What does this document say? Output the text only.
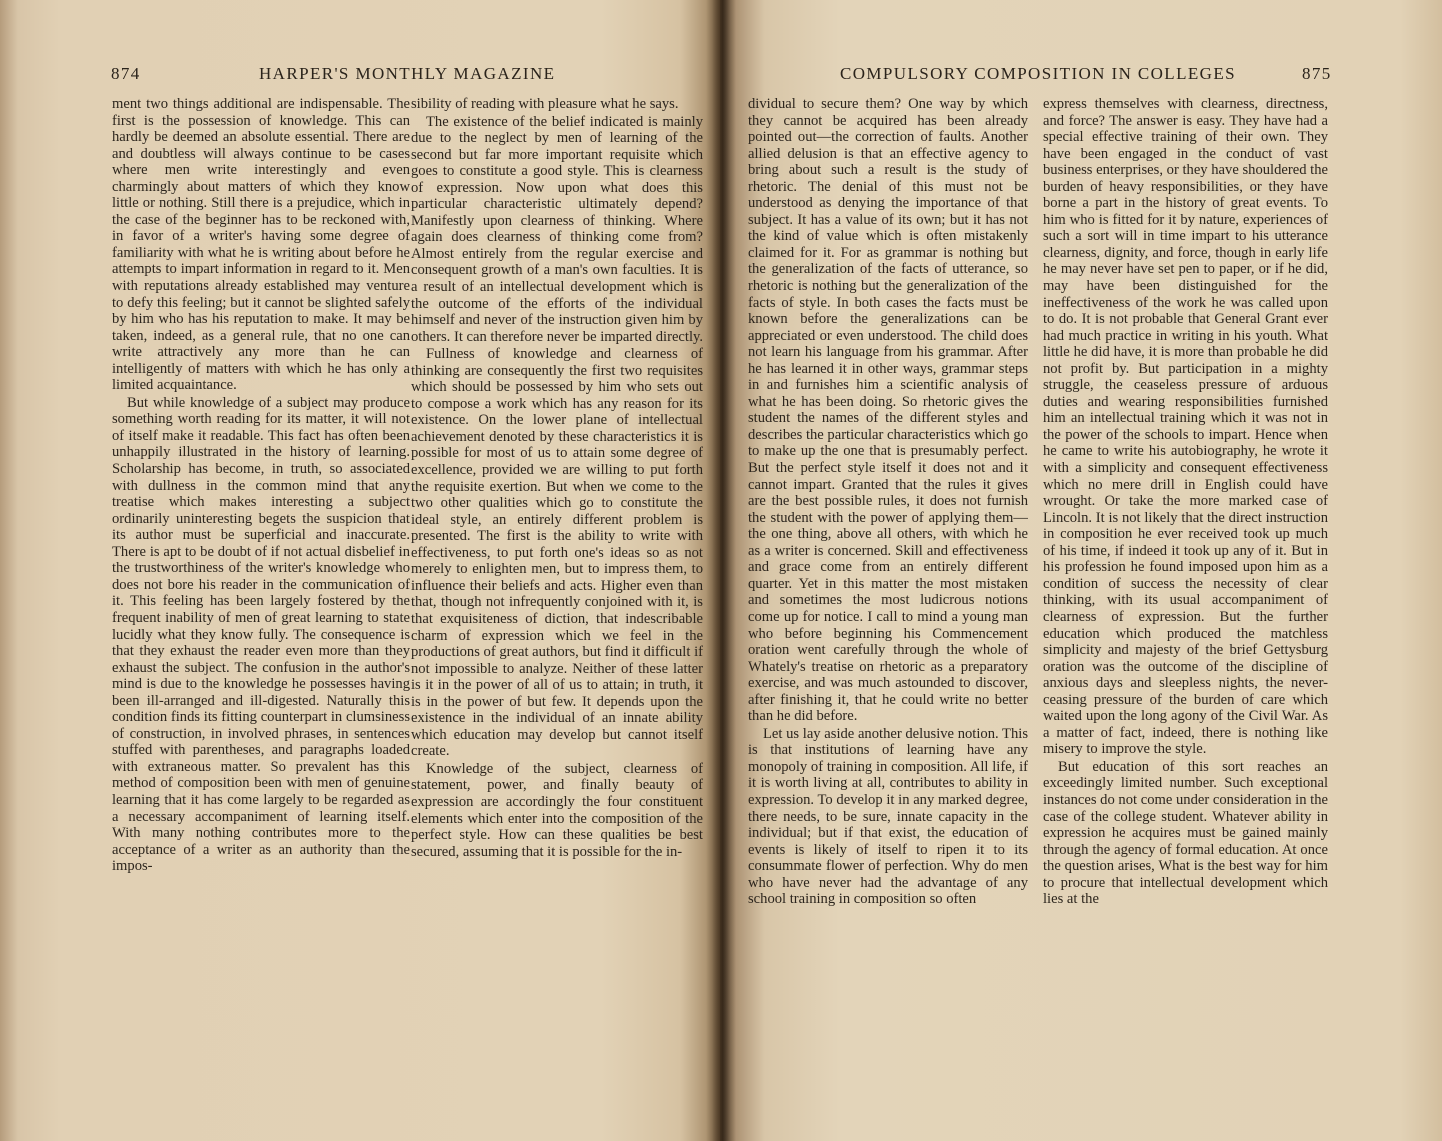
874	HARPER'S MONTHLY MAGAZINE

ment two things additional are indispensable. The first is the possession of knowledge. This can hardly be deemed an absolute essential. There are and doubtless will always continue to be cases where men write interestingly and even charmingly about matters of which they know little or nothing. Still there is a prejudice, which in the case of the beginner has to be reckoned with, in favor of a writer's having some degree of familiarity with what he is writing about before he attempts to impart information in regard to it. Men with reputations already established may venture to defy this feeling; but it cannot be slighted safely by him who has his reputation to make. It may be taken, indeed, as a general rule, that no one can write attractively any more than he can intelligently of matters with which he has only a limited acquaintance.

But while knowledge of a subject may produce something worth reading for its matter, it will not of itself make it readable. This fact has often been unhappily illustrated in the history of learning. Scholarship has become, in truth, so associated with dullness in the common mind that any treatise which makes interesting a subject ordinarily uninteresting begets the suspicion that its author must be superficial and inaccurate. There is apt to be doubt of if not actual disbelief in the trustworthiness of the writer's knowledge who does not bore his reader in the communication of it. This feeling has been largely fostered by the frequent inability of men of great learning to state lucidly what they know fully. The consequence is that they exhaust the reader even more than they exhaust the subject. The confusion in the author's mind is due to the knowledge he possesses having been ill-arranged and ill-digested. Naturally this condition finds its fitting counterpart in clumsiness of construction, in involved phrases, in sentences stuffed with parentheses, and paragraphs loaded with extraneous matter. So prevalent has this method of composition been with men of genuine learning that it has come largely to be regarded as a necessary accompaniment of learning itself. With many nothing contributes more to the acceptance of a writer as an authority than the impos-

sibility of reading with pleasure what he says.

The existence of the belief indicated is mainly due to the neglect by men of learning of the second but far more important requisite which goes to constitute a good style. This is clearness of expression. Now upon what does this particular characteristic ultimately depend? Manifestly upon clearness of thinking. Where again does clearness of thinking come from? Almost entirely from the regular exercise and consequent growth of a man's own faculties. It is a result of an intellectual development which is the outcome of the efforts of the individual himself and never of the instruction given him by others. It can therefore never be imparted directly.

Fullness of knowledge and clearness of thinking are consequently the first two requisites which should be possessed by him who sets out to compose a work which has any reason for its existence. On the lower plane of intellectual achievement denoted by these characteristics it is possible for most of us to attain some degree of excellence, provided we are willing to put forth the requisite exertion. But when we come to the two other qualities which go to constitute the ideal style, an entirely different problem is presented. The first is the ability to write with effectiveness, to put forth one's ideas so as not merely to enlighten men, but to impress them, to influence their beliefs and acts. Higher even than that, though not infrequently conjoined with it, is that exquisiteness of diction, that indescribable charm of expression which we feel in the productions of great authors, but find it difficult if not impossible to analyze. Neither of these latter is it in the power of all of us to attain; in truth, it is in the power of but few. It depends upon the existence in the individual of an innate ability which education may develop but cannot itself create.

Knowledge of the subject, clearness of statement, power, and finally beauty of expression are accordingly the four constituent elements which enter into the composition of the perfect style. How can these qualities be best secured, assuming that it is possible for the in-

COMPULSORY COMPOSITION IN COLLEGES	875

dividual to secure them? One way by which they cannot be acquired has been already pointed out—the correction of faults. Another allied delusion is that an effective agency to bring about such a result is the study of rhetoric. The denial of this must not be understood as denying the importance of that subject. It has a value of its own; but it has not the kind of value which is often mistakenly claimed for it. For as grammar is nothing but the generalization of the facts of utterance, so rhetoric is nothing but the generalization of the facts of style. In both cases the facts must be known before the generalizations can be appreciated or even understood. The child does not learn his language from his grammar. After he has learned it in other ways, grammar steps in and furnishes him a scientific analysis of what he has been doing. So rhetoric gives the student the names of the different styles and describes the particular characteristics which go to make up the one that is presumably perfect. But the perfect style itself it does not and it cannot impart. Granted that the rules it gives are the best possible rules, it does not furnish the student with the power of applying them—the one thing, above all others, with which he as a writer is concerned. Skill and effectiveness and grace come from an entirely different quarter. Yet in this matter the most mistaken and sometimes the most ludicrous notions come up for notice. I call to mind a young man who before beginning his Commencement oration went carefully through the whole of Whately's treatise on rhetoric as a preparatory exercise, and was much astounded to discover, after finishing it, that he could write no better than he did before.

Let us lay aside another delusive notion. This is that institutions of learning have any monopoly of training in composition. All life, if it is worth living at all, contributes to ability in expression. To develop it in any marked degree, there needs, to be sure, innate capacity in the individual; but if that exist, the education of events is likely of itself to ripen it to its consummate flower of perfection. Why do men who have never had the advantage of any school training in composition so often

express themselves with clearness, directness, and force? The answer is easy. They have had a special effective training of their own. They have been engaged in the conduct of vast business enterprises, or they have shouldered the burden of heavy responsibilities, or they have borne a part in the history of great events. To him who is fitted for it by nature, experiences of such a sort will in time impart to his utterance clearness, dignity, and force, though in early life he may never have set pen to paper, or if he did, may have been distinguished for the ineffectiveness of the work he was called upon to do. It is not probable that General Grant ever had much practice in writing in his youth. What little he did have, it is more than probable he did not profit by. But participation in a mighty struggle, the ceaseless pressure of arduous duties and wearing responsibilities furnished him an intellectual training which it was not in the power of the schools to impart. Hence when he came to write his autobiography, he wrote it with a simplicity and consequent effectiveness which no mere drill in English could have wrought. Or take the more marked case of Lincoln. It is not likely that the direct instruction in composition he ever received took up much of his time, if indeed it took up any of it. But in his profession he found imposed upon him as a condition of success the necessity of clear thinking, with its usual accompaniment of clearness of expression. But the further education which produced the matchless simplicity and majesty of the brief Gettysburg oration was the outcome of the discipline of anxious days and sleepless nights, the never-ceasing pressure of the burden of care which waited upon the long agony of the Civil War. As a matter of fact, indeed, there is nothing like misery to improve the style.

But education of this sort reaches an exceedingly limited number. Such exceptional instances do not come under consideration in the case of the college student. Whatever ability in expression he acquires must be gained mainly through the agency of formal education. At once the question arises, What is the best way for him to procure that intellectual development which lies at the
